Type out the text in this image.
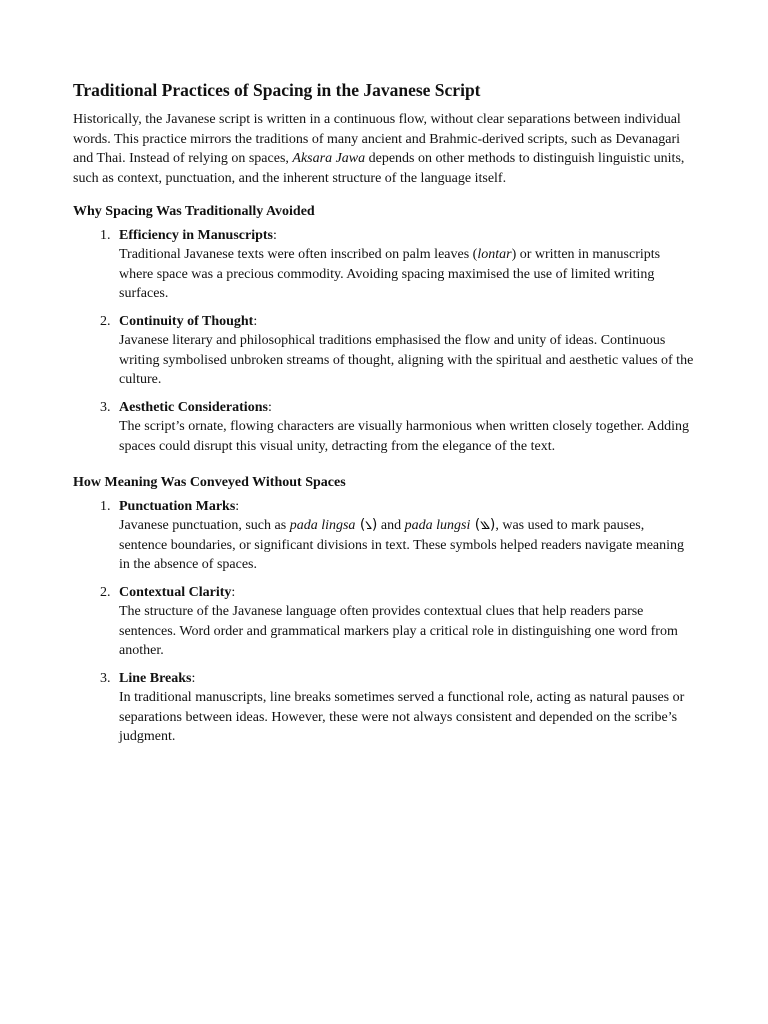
Traditional Practices of Spacing in the Javanese Script

Historically, the Javanese script is written in a continuous flow, without clear separations between individual words. This practice mirrors the traditions of many ancient and Brahmic-derived scripts, such as Devanagari and Thai. Instead of relying on spaces, Aksara Jawa depends on other methods to distinguish linguistic units, such as context, punctuation, and the inherent structure of the language itself.

Why Spacing Was Traditionally Avoided
1. Efficiency in Manuscripts:
Traditional Javanese texts were often inscribed on palm leaves (lontar) or written in manuscripts where space was a precious commodity. Avoiding spacing maximised the use of limited writing surfaces.
2. Continuity of Thought:
Javanese literary and philosophical traditions emphasised the flow and unity of ideas. Continuous writing symbolised unbroken streams of thought, aligning with the spiritual and aesthetic values of the culture.
3. Aesthetic Considerations:
The script’s ornate, flowing characters are visually harmonious when written closely together. Adding spaces could disrupt this visual unity, detracting from the elegance of the text.
How Meaning Was Conveyed Without Spaces
1. Punctuation Marks:
Javanese punctuation, such as pada lingsa (꧈) and pada lungsi (꧉), was used to mark pauses, sentence boundaries, or significant divisions in text. These symbols helped readers navigate meaning in the absence of spaces.
2. Contextual Clarity:
The structure of the Javanese language often provides contextual clues that help readers parse sentences. Word order and grammatical markers play a critical role in distinguishing one word from another.
3. Line Breaks:
In traditional manuscripts, line breaks sometimes served a functional role, acting as natural pauses or separations between ideas. However, these were not always consistent and depended on the scribe’s judgment.
